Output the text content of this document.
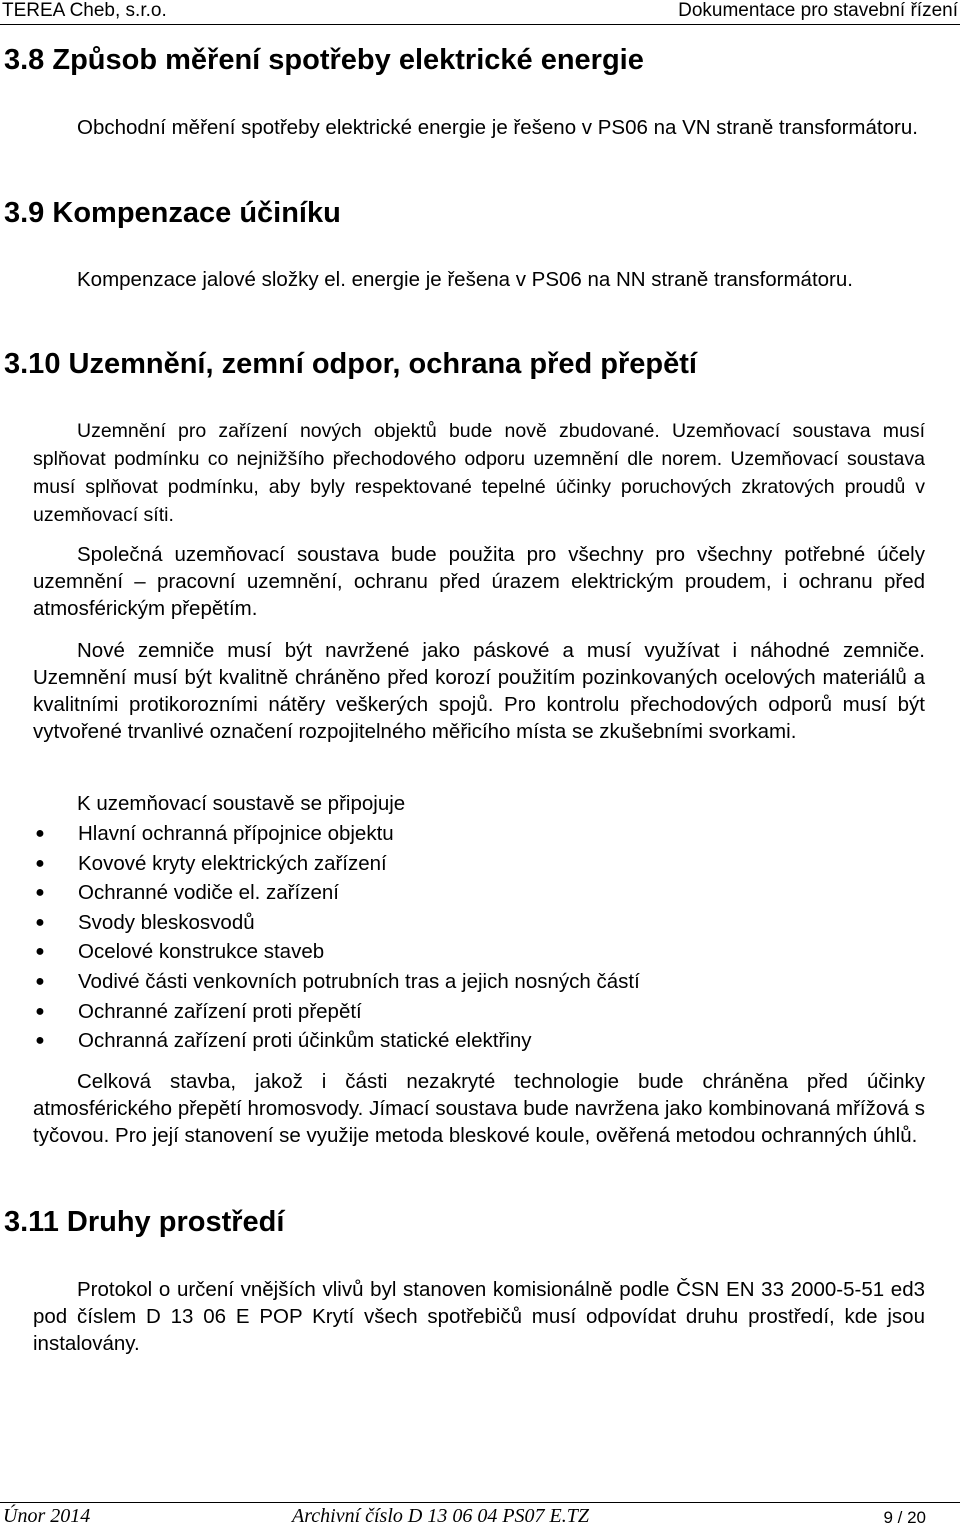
TEREA Cheb, s.r.o.	Dokumentace pro stavební řízení
3.8 Způsob měření spotřeby elektrické energie
Obchodní měření spotřeby elektrické energie je řešeno v PS06 na VN straně transformátoru.
3.9 Kompenzace účiníku
Kompenzace jalové složky el. energie je řešena v PS06 na NN straně transformátoru.
3.10 Uzemnění, zemní odpor, ochrana před přepětí
Uzemnění pro zařízení nových objektů bude nově zbudované. Uzemňovací soustava musí splňovat podmínku co nejnižšího přechodového odporu uzemnění dle norem. Uzemňovací soustava musí splňovat podmínku, aby byly respektované tepelné účinky poruchových zkratových proudů v uzemňovací síti.
Společná uzemňovací soustava bude použita pro všechny pro všechny potřebné účely uzemnění – pracovní uzemnění, ochranu před úrazem elektrickým proudem, i ochranu před atmosférickým přepětím.
Nové zemniče musí být navržené jako páskové a musí využívat i náhodné zemniče. Uzemnění musí být kvalitně chráněno před korozí použitím pozinkovaných ocelových materiálů a kvalitními protikorozními nátěry veškerých spojů. Pro kontrolu přechodových odporů musí být vytvořené trvanlivé označení rozpojitelného měřicího místa se zkušebními svorkami.
K uzemňovací soustavě se připojuje
● Hlavní ochranná přípojnice objektu
● Kovové kryty elektrických zařízení
● Ochranné vodiče el. zařízení
● Svody bleskosvodů
● Ocelové konstrukce staveb
● Vodivé části venkovních potrubních tras a jejich nosných částí
● Ochranné zařízení proti přepětí
● Ochranná zařízení proti účinkům statické elektřiny
Celková stavba, jakož i části nezakryté technologie bude chráněna před účinky atmosférického přepětí hromosvody. Jímací soustava bude navržena jako kombinovaná mřížová s tyčovou. Pro její stanovení se využije metoda bleskové koule, ověřená metodou ochranných úhlů.
3.11 Druhy prostředí
Protokol o určení vnějších vlivů byl stanoven komisionálně podle ČSN EN 33 2000-5-51 ed3 pod číslem D 13 06 E POP Krytí všech spotřebičů musí odpovídat druhu prostředí, kde jsou instalovány.
Únor 2014	Archivní číslo D 13 06 04 PS07 E.TZ	9 / 20
